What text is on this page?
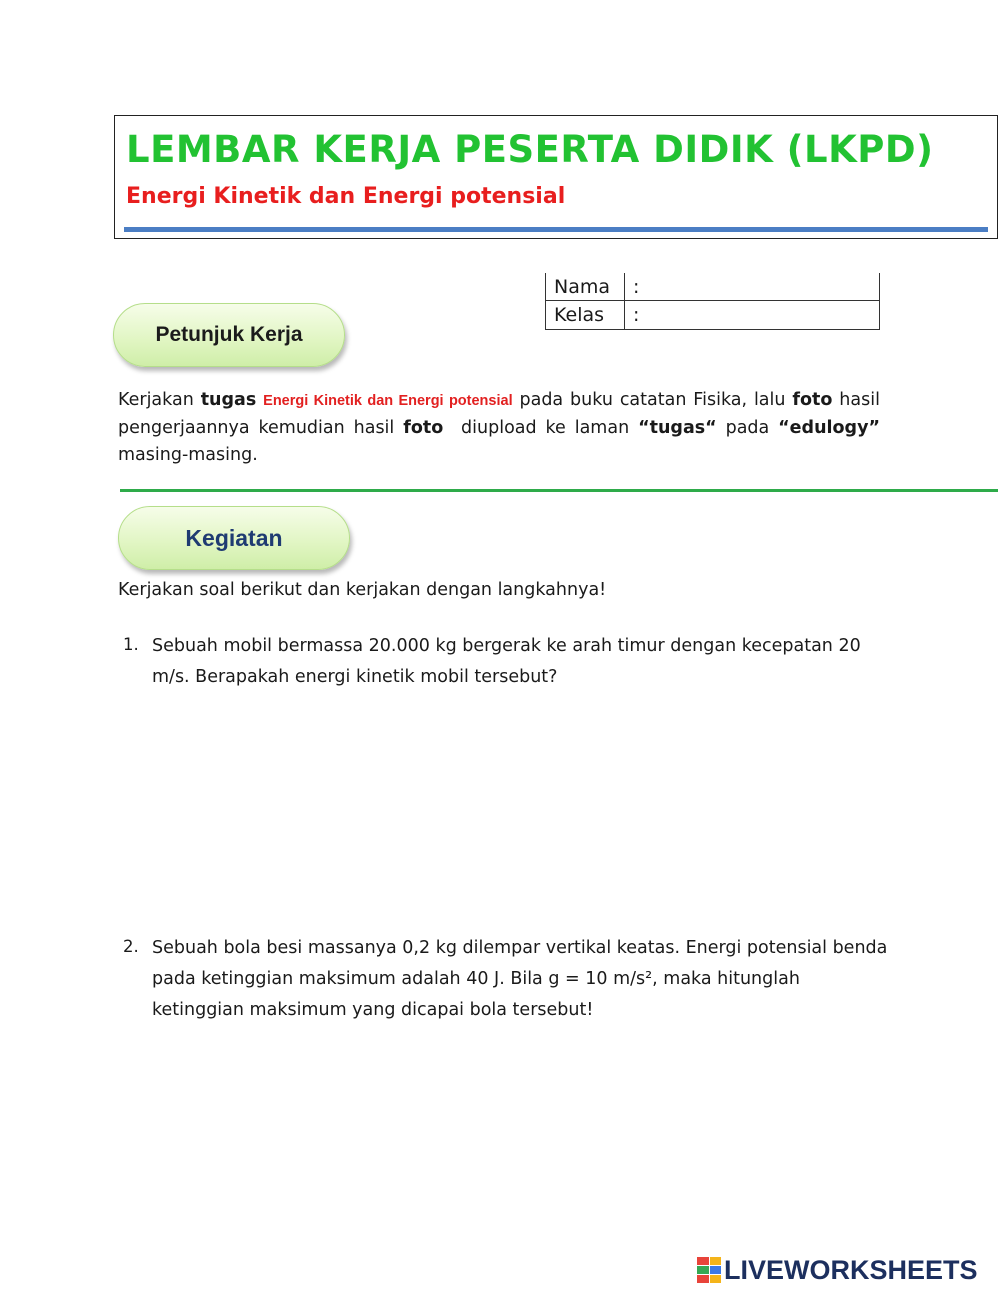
LEMBAR KERJA PESERTA DIDIK (LKPD)
Energi Kinetik dan Energi potensial
Nama	:
Kelas	:
Petunjuk Kerja

Kerjakan tugas Energi Kinetik dan Energi potensial pada buku catatan Fisika, lalu foto hasil pengerjaannya kemudian hasil foto  diupload ke laman “tugas“ pada “edulogy” masing-masing.

Kegiatan
Kerjakan soal berikut dan kerjakan dengan langkahnya!
1. Sebuah mobil bermassa 20.000 kg bergerak ke arah timur dengan kecepatan 20 m/s. Berapakah energi kinetik mobil tersebut?

2. Sebuah bola besi massanya 0,2 kg dilempar vertikal keatas. Energi potensial benda pada ketinggian maksimum adalah 40 J. Bila g = 10 m/s², maka hitunglah ketinggian maksimum yang dicapai bola tersebut!

LIVEWORKSHEETS
